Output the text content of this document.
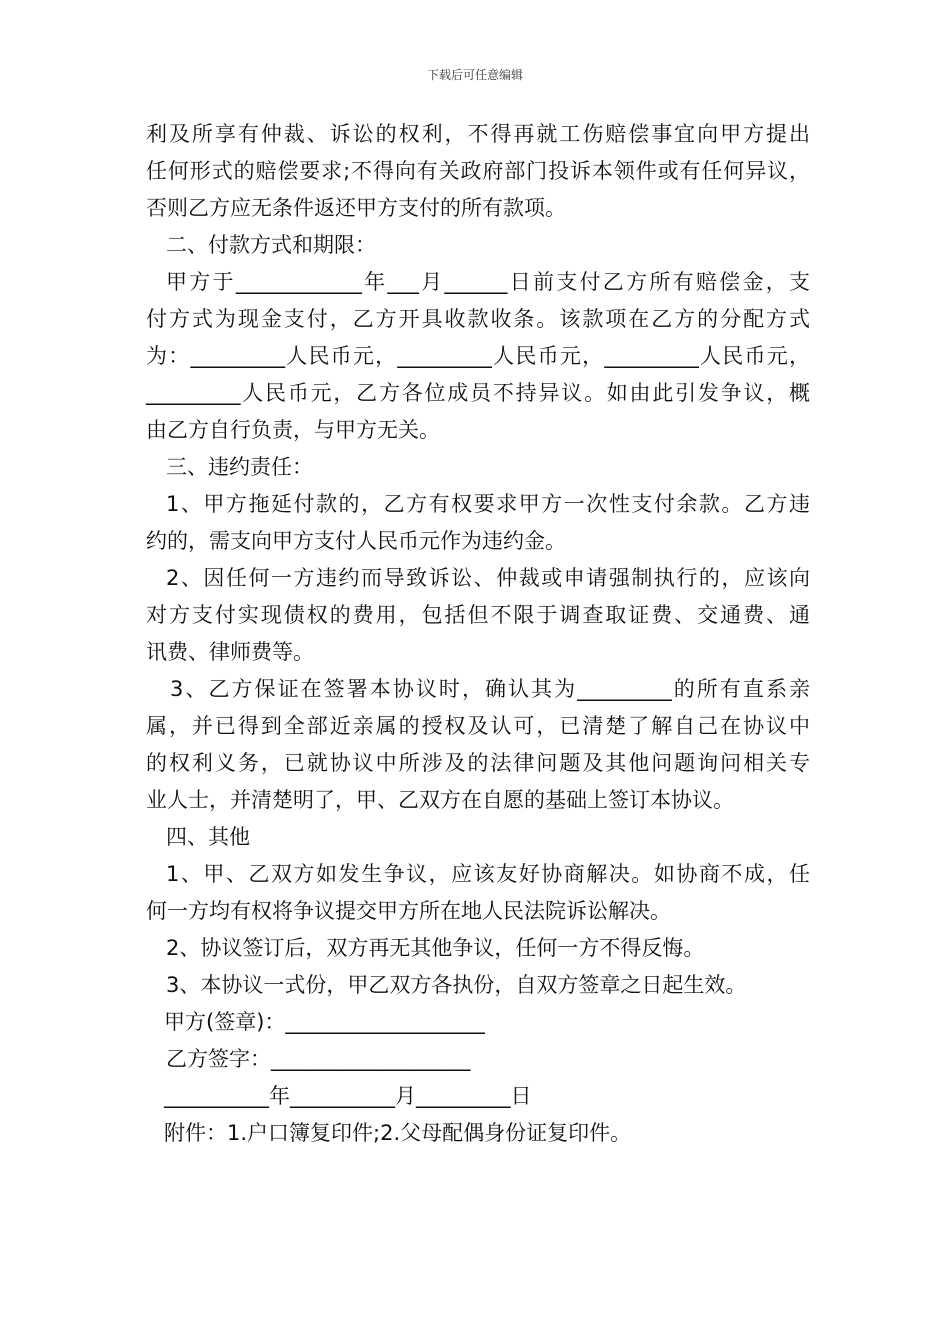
下载后可任意编辑
利及所享有仲裁、诉讼的权利，不得再就工伤赔偿事宜向甲方提出
任何形式的赔偿要求;不得向有关政府部门投诉本领件或有任何异议，
否则乙方应无条件返还甲方支付的所有款项。
二、付款方式和期限：
甲方于____________年___月______日前支付乙方所有赔偿金，支
付方式为现金支付，乙方开具收款收条。该款项在乙方的分配方式
为：_________人民币元，_________人民币元，_________人民币元，
_________人民币元，乙方各位成员不持异议。如由此引发争议，概
由乙方自行负责，与甲方无关。
三、违约责任：
1、甲方拖延付款的，乙方有权要求甲方一次性支付余款。乙方违
约的，需支向甲方支付人民币元作为违约金。
2、因任何一方违约而导致诉讼、仲裁或申请强制执行的，应该向
对方支付实现债权的费用，包括但不限于调查取证费、交通费、通
讯费、律师费等。
3、乙方保证在签署本协议时，确认其为_________的所有直系亲
属，并已得到全部近亲属的授权及认可，已清楚了解自己在协议中
的权利义务，已就协议中所涉及的法律问题及其他问题询问相关专
业人士，并清楚明了，甲、乙双方在自愿的基础上签订本协议。
四、其他
1、甲、乙双方如发生争议，应该友好协商解决。如协商不成，任
何一方均有权将争议提交甲方所在地人民法院诉讼解决。
2、协议签订后，双方再无其他争议，任何一方不得反悔。
3、本协议一式份，甲乙双方各执份，自双方签章之日起生效。
甲方(签章)：___________________
乙方签字：___________________
__________年__________月_________日
附件：1.户口簿复印件;2.父母配偶身份证复印件。
